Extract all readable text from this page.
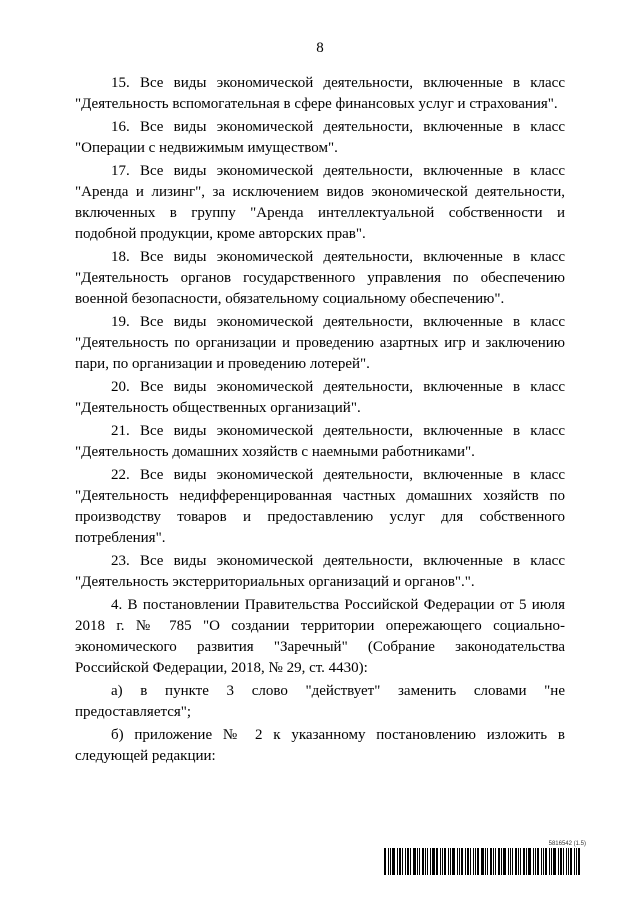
8

15. Все виды экономической деятельности, включенные в класс "Деятельность вспомогательная в сфере финансовых услуг и страхования".

16. Все виды экономической деятельности, включенные в класс "Операции с недвижимым имуществом".

17. Все виды экономической деятельности, включенные в класс "Аренда и лизинг", за исключением видов экономической деятельности, включенных в группу "Аренда интеллектуальной собственности и подобной продукции, кроме авторских прав".

18. Все виды экономической деятельности, включенные в класс "Деятельность органов государственного управления по обеспечению военной безопасности, обязательному социальному обеспечению".

19. Все виды экономической деятельности, включенные в класс "Деятельность по организации и проведению азартных игр и заключению пари, по организации и проведению лотерей".

20. Все виды экономической деятельности, включенные в класс "Деятельность общественных организаций".

21. Все виды экономической деятельности, включенные в класс "Деятельность домашних хозяйств с наемными работниками".

22. Все виды экономической деятельности, включенные в класс "Деятельность недифференцированная частных домашних хозяйств по производству товаров и предоставлению услуг для собственного потребления".

23. Все виды экономической деятельности, включенные в класс "Деятельность экстерриториальных организаций и органов".".

4. В постановлении Правительства Российской Федерации от 5 июля 2018 г. № 785 "О создании территории опережающего социально-экономического развития "Заречный" (Собрание законодательства Российской Федерации, 2018, № 29, ст. 4430):

а) в пункте 3 слово "действует" заменить словами "не предоставляется";

б) приложение № 2 к указанному постановлению изложить в следующей редакции:

5816542 (1.5)
